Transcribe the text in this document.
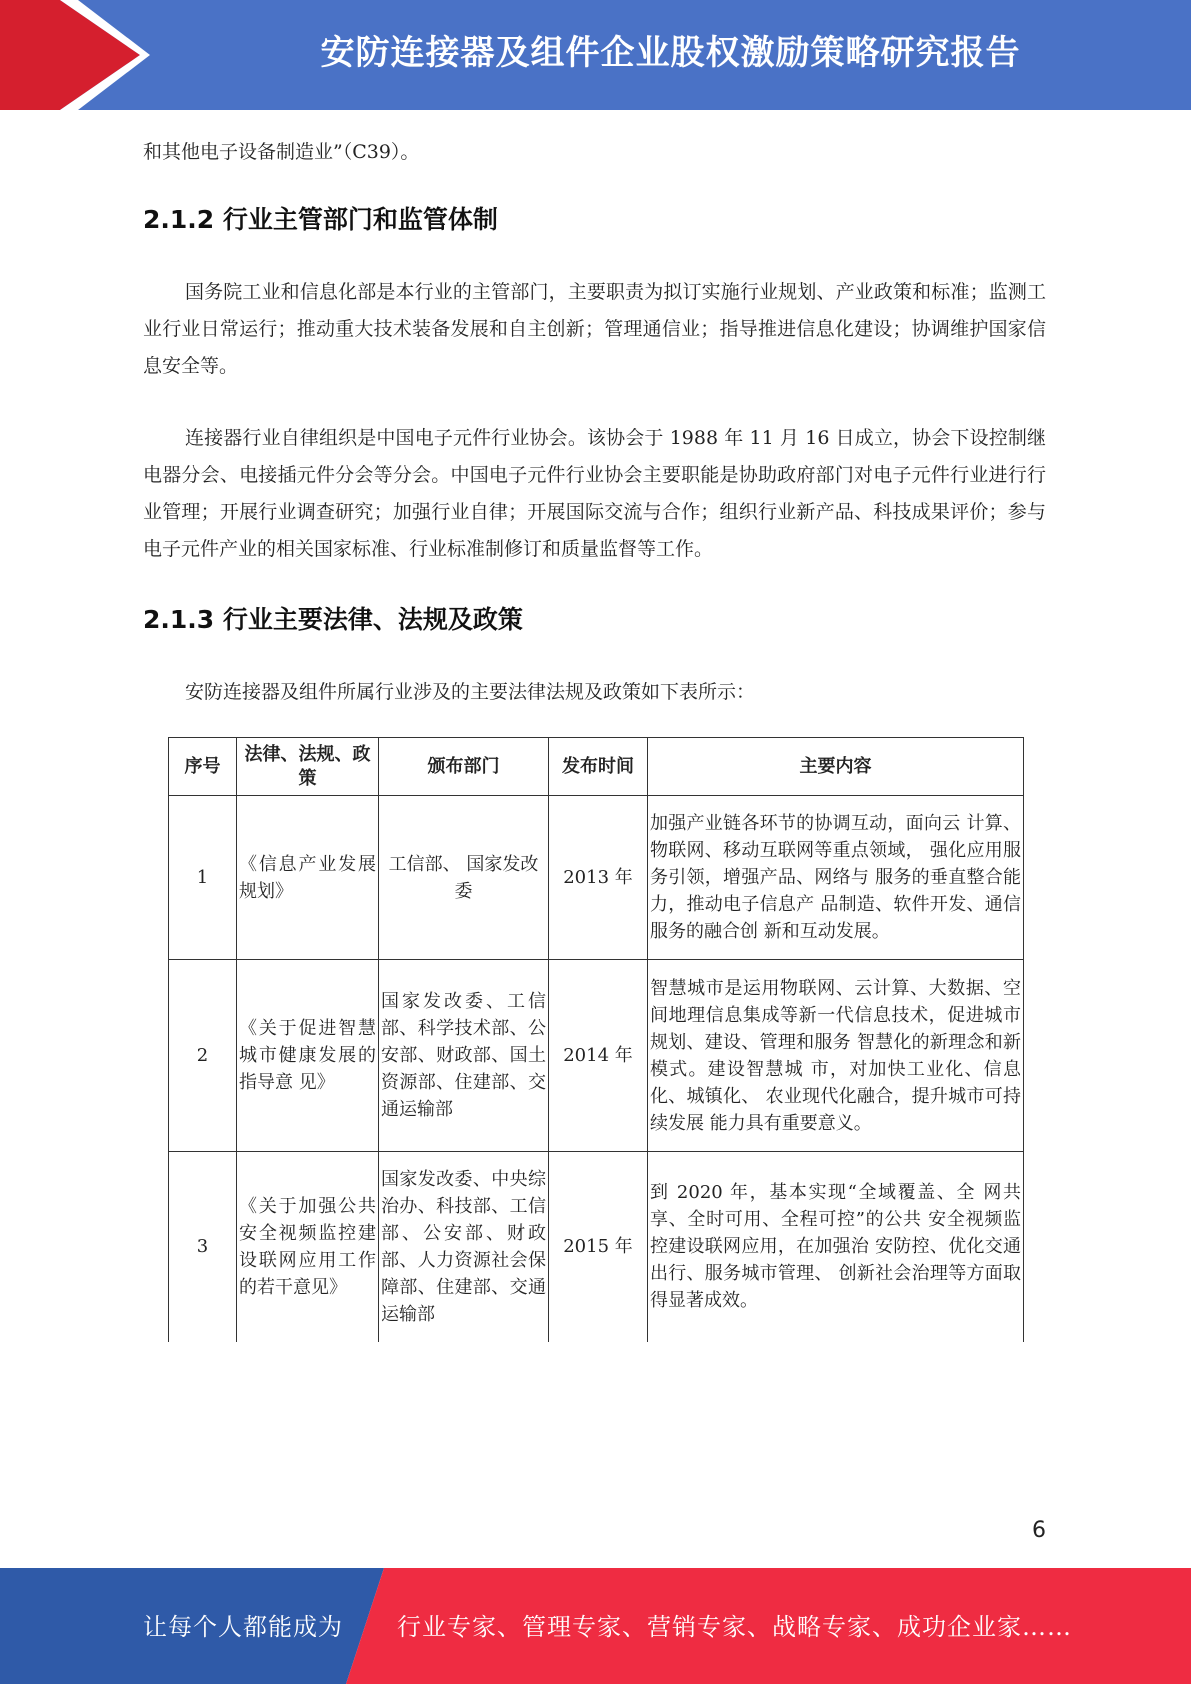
安防连接器及组件企业股权激励策略研究报告

和其他电子设备制造业”（C39）。

2.1.2 行业主管部门和监管体制

国务院工业和信息化部是本行业的主管部门，主要职责为拟订实施行业规划、产业政策和标准；监测工业行业日常运行；推动重大技术装备发展和自主创新；管理通信业；指导推进信息化建设；协调维护国家信息安全等。

连接器行业自律组织是中国电子元件行业协会。该协会于 1988 年 11 月 16 日成立，协会下设控制继电器分会、电接插元件分会等分会。中国电子元件行业协会主要职能是协助政府部门对电子元件行业进行行业管理；开展行业调查研究；加强行业自律；开展国际交流与合作；组织行业新产品、科技成果评价；参与电子元件产业的相关国家标准、行业标准制修订和质量监督等工作。

2.1.3 行业主要法律、法规及政策

安防连接器及组件所属行业涉及的主要法律法规及政策如下表所示：

序号	法律、法规、政策	颁布部门	发布时间	主要内容
1	《信息产业发展规划》	工信部、 国家发改委	2013 年	加强产业链各环节的协调互动，面向云 计算、物联网、移动互联网等重点领域， 强化应用服务引领，增强产品、网络与 服务的垂直整合能力，推动电子信息产 品制造、软件开发、通信服务的融合创 新和互动发展。
2	《关于促进智慧城市健康发展的指导意 见》	国家发改委、工信部、科学技术部、公安部、财政部、国土资源部、住建部、交通运输部	2014 年	智慧城市是运用物联网、云计算、大数据、空间地理信息集成等新一代信息技术，促进城市规划、建设、管理和服务 智慧化的新理念和新模式。建设智慧城 市，对加快工业化、信息化、城镇化、 农业现代化融合，提升城市可持续发展 能力具有重要意义。
3	《关于加强公共安全视频监控建设联网应用工作的若干意见》	国家发改委、中央综治办、科技部、工信部、公安部、财政部、人力资源社会保障部、住建部、交通运输部	2015 年	到 2020 年，基本实现“全域覆盖、全 网共享、全时可用、全程可控”的公共 安全视频监控建设联网应用，在加强治 安防控、优化交通出行、服务城市管理、 创新社会治理等方面取得显著成效。
6
让每个人都能成为 行业专家、管理专家、营销专家、战略专家、成功企业家……
